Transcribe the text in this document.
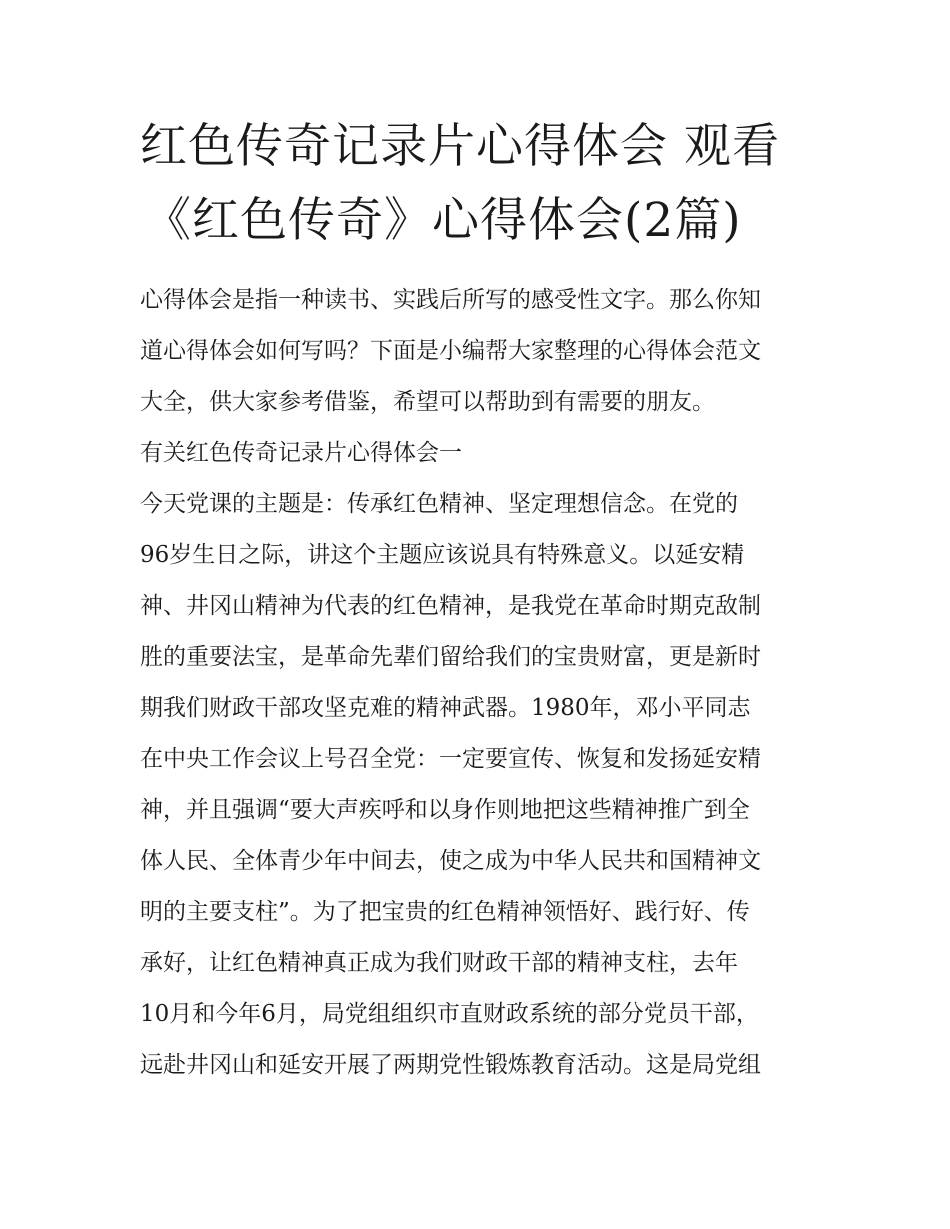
红色传奇记录片心得体会 观看
《红色传奇》心得体会(2篇)
心得体会是指一种读书、实践后所写的感受性文字。那么你知
道心得体会如何写吗？下面是小编帮大家整理的心得体会范文
大全，供大家参考借鉴，希望可以帮助到有需要的朋友。
有关红色传奇记录片心得体会一
今天党课的主题是：传承红色精神、坚定理想信念。在党的
96岁生日之际，讲这个主题应该说具有特殊意义。以延安精
神、井冈山精神为代表的红色精神，是我党在革命时期克敌制
胜的重要法宝，是革命先辈们留给我们的宝贵财富，更是新时
期我们财政干部攻坚克难的精神武器。1980年，邓小平同志
在中央工作会议上号召全党：一定要宣传、恢复和发扬延安精
神，并且强调“要大声疾呼和以身作则地把这些精神推广到全
体人民、全体青少年中间去，使之成为中华人民共和国精神文
明的主要支柱”。为了把宝贵的红色精神领悟好、践行好、传
承好，让红色精神真正成为我们财政干部的精神支柱，去年
10月和今年6月，局党组组织市直财政系统的部分党员干部，
远赴井冈山和延安开展了两期党性锻炼教育活动。这是局党组
